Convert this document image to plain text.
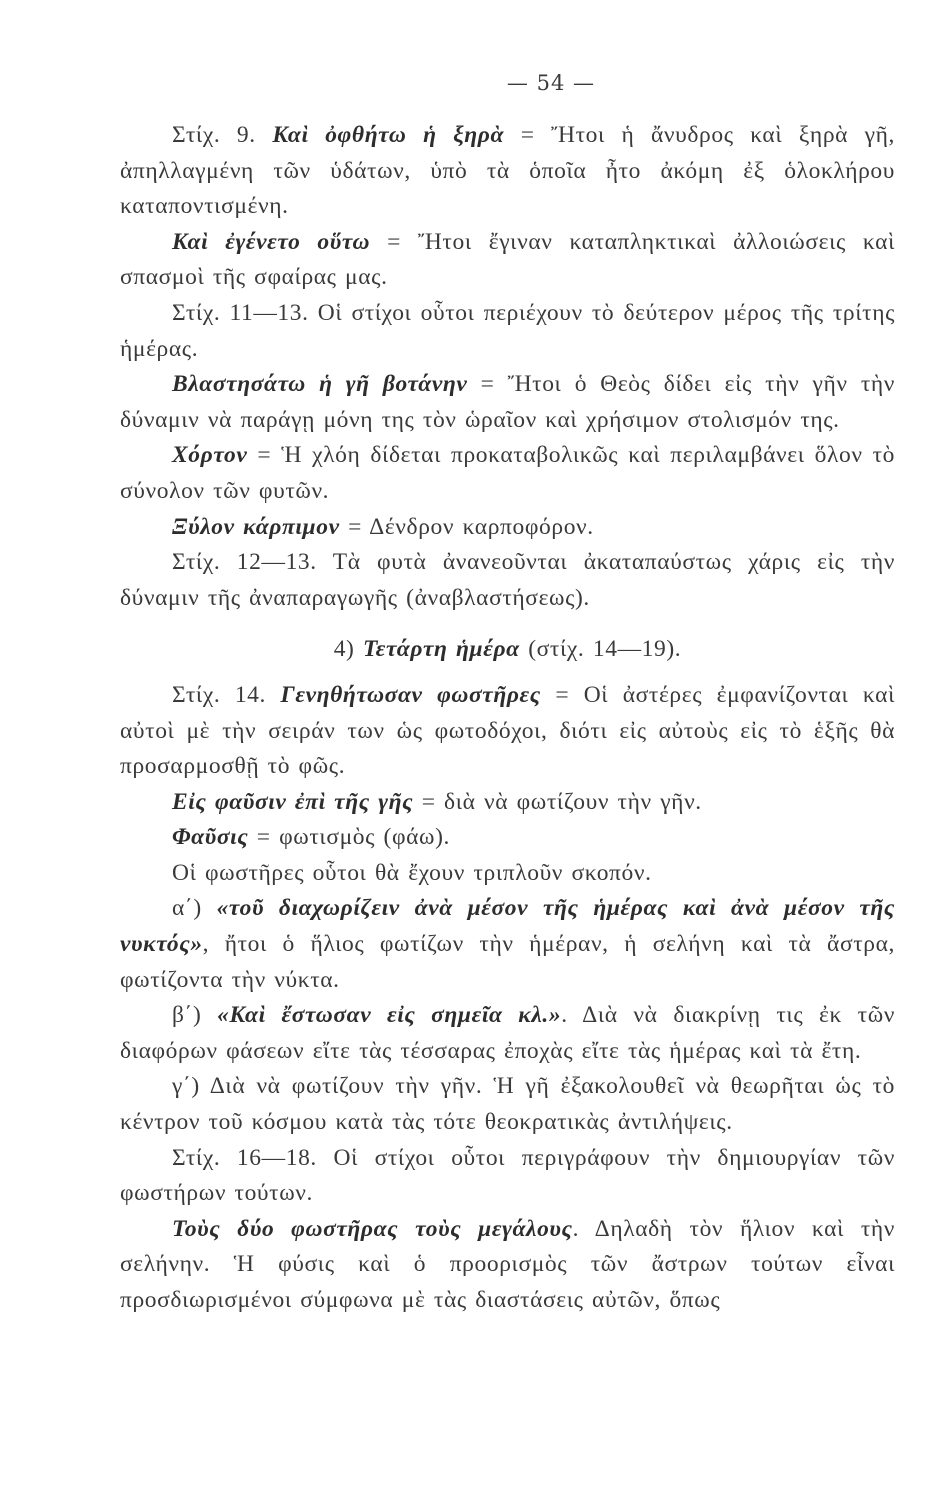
— 54 —

Στίχ. 9. Καὶ ὀφθήτω ἡ ξηρὰ = Ἤτοι ἡ ἄνυδρος καὶ ξηρὰ γῆ, ἀπηλλαγμένη τῶν ὑδάτων, ὑπὸ τὰ ὁποῖα ἦτο ἀκόμη ἐξ ὁλοκλήρου καταποντισμένη.

Καὶ ἐγένετο οὕτω = Ἤτοι ἔγιναν καταπληκτικαὶ ἀλλοιώσεις καὶ σπασμοὶ τῆς σφαίρας μας.

Στίχ. 11—13. Οἱ στίχοι οὗτοι περιέχουν τὸ δεύτερον μέρος τῆς τρίτης ἡμέρας.

Βλαστησάτω ἡ γῆ βοτάνην = Ἤτοι ὁ Θεὸς δίδει εἰς τὴν γῆν τὴν δύναμιν νὰ παράγῃ μόνη της τὸν ὡραῖον καὶ χρήσιμον στολισμόν της.

Χόρτον = Ἡ χλόη δίδεται προκαταβολικῶς καὶ περιλαμβάνει ὅλον τὸ σύνολον τῶν φυτῶν.

Ξύλον κάρπιμον = Δένδρον καρποφόρον.

Στίχ. 12—13. Τὰ φυτὰ ἀνανεοῦνται ἀκαταπαύστως χάρις εἰς τὴν δύναμιν τῆς ἀναπαραγωγῆς (ἀναβλαστήσεως).

4) Τετάρτη ἡμέρα (στίχ. 14—19).

Στίχ. 14. Γενηθήτωσαν φωστῆρες = Οἱ ἀστέρες ἐμφανίζονται καὶ αὐτοὶ μὲ τὴν σειράν των ὡς φωτοδόχοι, διότι εἰς αὐτοὺς εἰς τὸ ἑξῆς θὰ προσαρμοσθῇ τὸ φῶς.

Εἰς φαῦσιν ἐπὶ τῆς γῆς = διὰ νὰ φωτίζουν τὴν γῆν.

Φαῦσις = φωτισμὸς (φάω).

Οἱ φωστῆρες οὗτοι θὰ ἔχουν τριπλοῦν σκοπόν.

α΄) «τοῦ διαχωρίζειν ἀνὰ μέσον τῆς ἡμέρας καὶ ἀνὰ μέσον τῆς νυκτός», ἤτοι ὁ ἥλιος φωτίζων τὴν ἡμέραν, ἡ σελήνη καὶ τὰ ἄστρα, φωτίζοντα τὴν νύκτα.

β΄) «Καὶ ἔστωσαν εἰς σημεῖα κλ.». Διὰ νὰ διακρίνῃ τις ἐκ τῶν διαφόρων φάσεων εἴτε τὰς τέσσαρας ἐποχὰς εἴτε τὰς ἡμέρας καὶ τὰ ἔτη.

γ΄) Διὰ νὰ φωτίζουν τὴν γῆν. Ἡ γῆ ἐξακολουθεῖ νὰ θεωρῆται ὡς τὸ κέντρον τοῦ κόσμου κατὰ τὰς τότε θεοκρατικὰς ἀντιλήψεις.

Στίχ. 16—18. Οἱ στίχοι οὗτοι περιγράφουν τὴν δημιουργίαν τῶν φωστήρων τούτων.

Τοὺς δύο φωστῆρας τοὺς μεγάλους. Δηλαδὴ τὸν ἥλιον καὶ τὴν σελήνην. Ἡ φύσις καὶ ὁ προορισμὸς τῶν ἄστρων τούτων εἶναι προσδιωρισμένοι σύμφωνα μὲ τὰς διαστάσεις αὐτῶν, ὅπως
